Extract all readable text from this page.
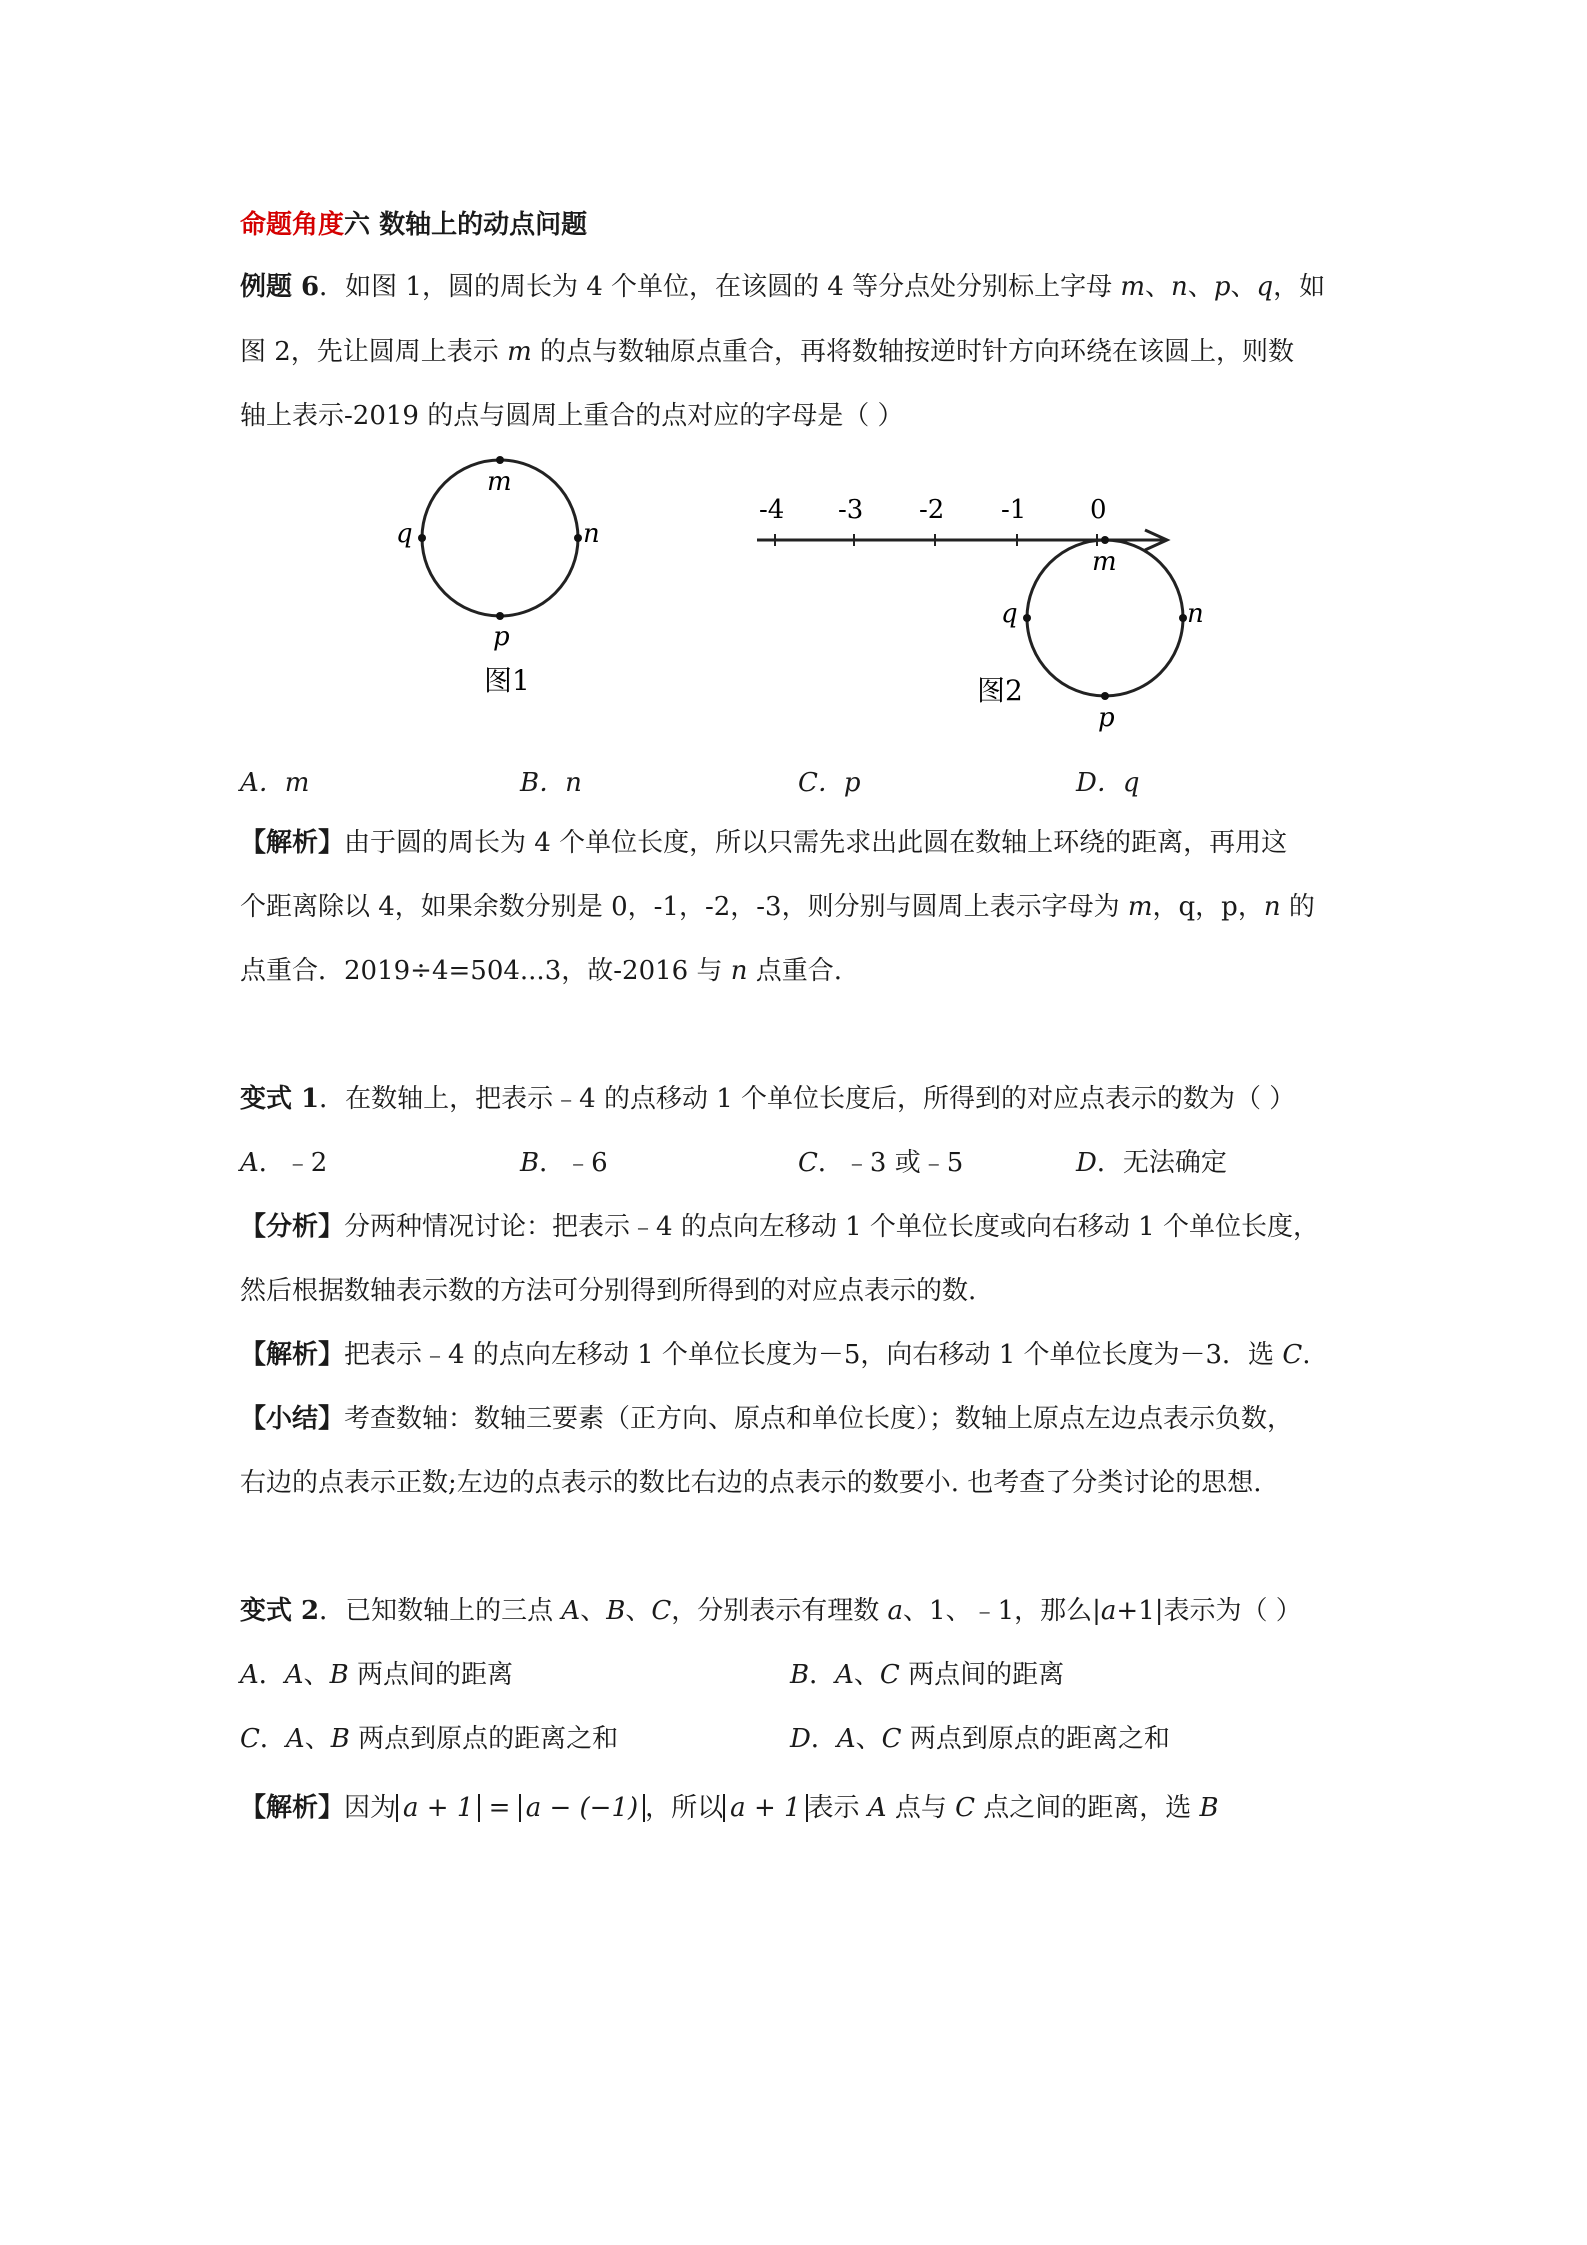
命题角度六 数轴上的动点问题
例题 6．如图 1，圆的周长为 4 个单位，在该圆的 4 等分点处分别标上字母 m、n、p、q，如
图 2，先让圆周上表示 m 的点与数轴原点重合，再将数轴按逆时针方向环绕在该圆上，则数
轴上表示-2019 的点与圆周上重合的点对应的字母是（ ）
m
n
p
q
图1
-4 -3 -2 -1 0
m
n
p
q
图2
A．m	B．n	C．p	D．q
【解析】由于圆的周长为 4 个单位长度，所以只需先求出此圆在数轴上环绕的距离，再用这
个距离除以 4，如果余数分别是 0，-1，-2，-3，则分别与圆周上表示字母为 m，q，p，n 的
点重合．2019÷4=504...3，故-2016 与 n 点重合.
变式 1．在数轴上，把表示﹣4 的点移动 1 个单位长度后，所得到的对应点表示的数为（ ）
A．﹣2	B．﹣6	C．﹣3 或﹣5	D．无法确定
【分析】分两种情况讨论：把表示﹣4 的点向左移动 1 个单位长度或向右移动 1 个单位长度，
然后根据数轴表示数的方法可分别得到所得到的对应点表示的数.
【解析】把表示﹣4 的点向左移动 1 个单位长度为－5，向右移动 1 个单位长度为－3．选 C.
【小结】考查数轴：数轴三要素（正方向、原点和单位长度）；数轴上原点左边点表示负数，
右边的点表示正数;左边的点表示的数比右边的点表示的数要小. 也考查了分类讨论的思想.
变式 2．已知数轴上的三点 A、B、C，分别表示有理数 a、1、﹣1，那么|a+1|表示为（ ）
A．A、B 两点间的距离	B．A、C 两点间的距离
C．A、B 两点到原点的距离之和	D．A、C 两点到原点的距离之和
【解析】因为 a + 1 = a − (−1) ，所以 a + 1 表示 A 点与 C 点之间的距离，选 B
